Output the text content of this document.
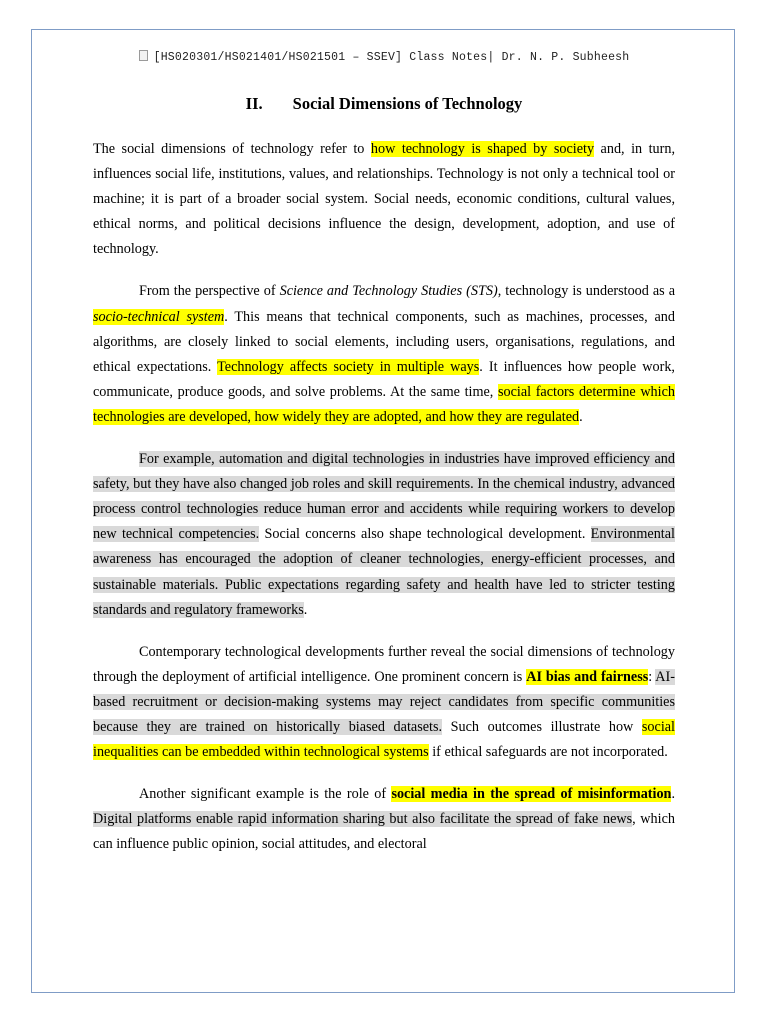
[HS020301/HS021401/HS021501 – SSEV] Class Notes| Dr. N. P. Subheesh
II. Social Dimensions of Technology

The social dimensions of technology refer to how technology is shaped by society and, in turn, influences social life, institutions, values, and relationships. Technology is not only a technical tool or machine; it is part of a broader social system. Social needs, economic conditions, cultural values, ethical norms, and political decisions influence the design, development, adoption, and use of technology.

From the perspective of Science and Technology Studies (STS), technology is understood as a socio-technical system. This means that technical components, such as machines, processes, and algorithms, are closely linked to social elements, including users, organisations, regulations, and ethical expectations. Technology affects society in multiple ways. It influences how people work, communicate, produce goods, and solve problems. At the same time, social factors determine which technologies are developed, how widely they are adopted, and how they are regulated.

For example, automation and digital technologies in industries have improved efficiency and safety, but they have also changed job roles and skill requirements. In the chemical industry, advanced process control technologies reduce human error and accidents while requiring workers to develop new technical competencies. Social concerns also shape technological development. Environmental awareness has encouraged the adoption of cleaner technologies, energy-efficient processes, and sustainable materials. Public expectations regarding safety and health have led to stricter testing standards and regulatory frameworks.

Contemporary technological developments further reveal the social dimensions of technology through the deployment of artificial intelligence. One prominent concern is AI bias and fairness: AI-based recruitment or decision-making systems may reject candidates from specific communities because they are trained on historically biased datasets. Such outcomes illustrate how social inequalities can be embedded within technological systems if ethical safeguards are not incorporated.

Another significant example is the role of social media in the spread of misinformation. Digital platforms enable rapid information sharing but also facilitate the spread of fake news, which can influence public opinion, social attitudes, and electoral
